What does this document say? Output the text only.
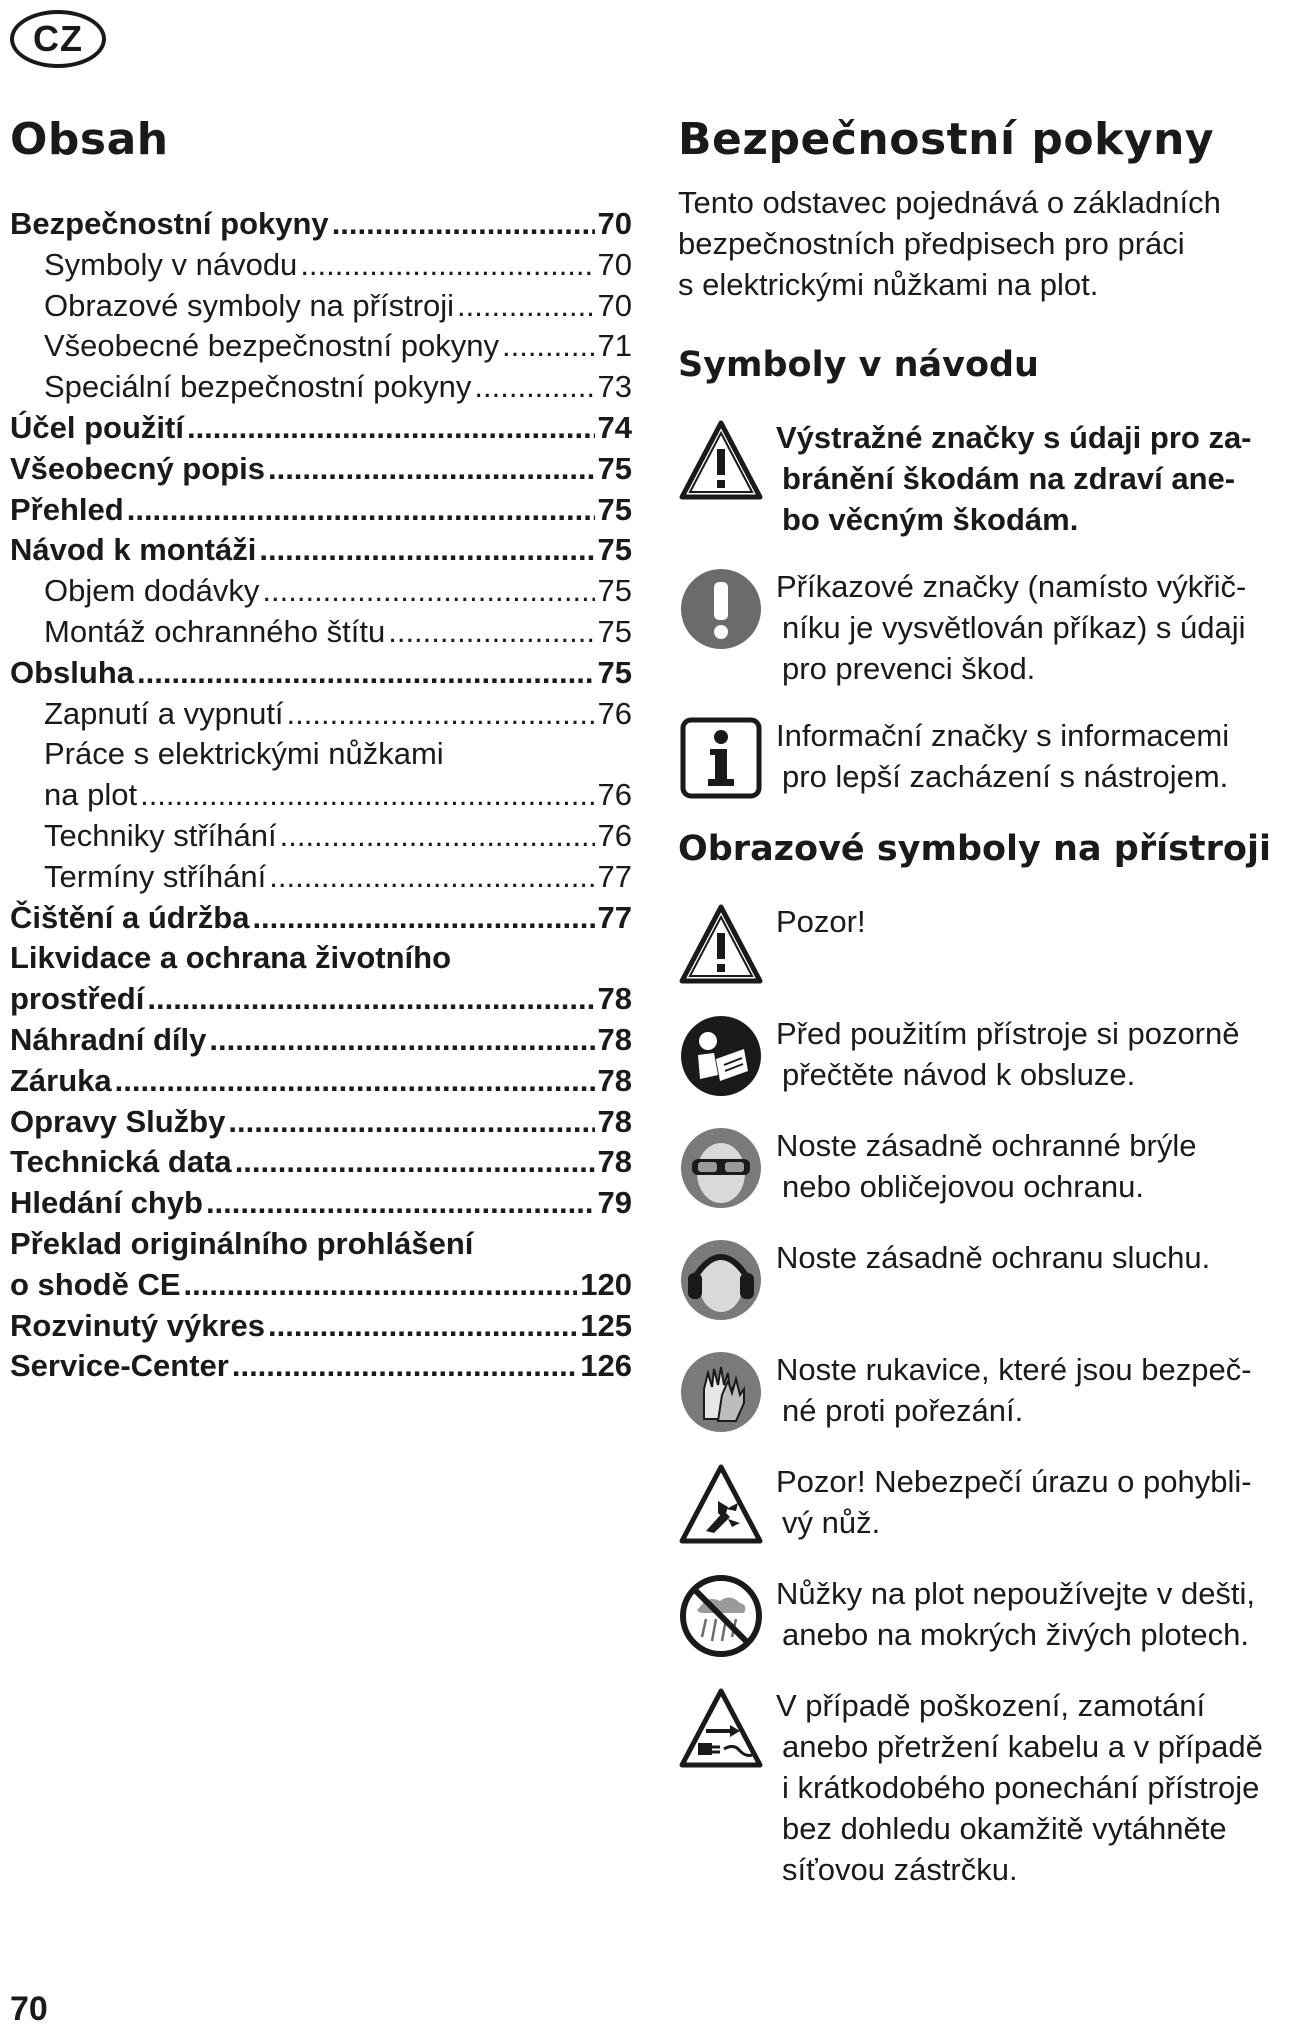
CZ
Obsah
Bezpečnostní pokyny .....	70
Symboly v návodu .....	70
Obrazové symboly na přístroji .....	70
Všeobecné bezpečnostní pokyny .....	71
Speciální bezpečnostní pokyny .....	73
Účel použití .....	74
Všeobecný popis .....	75
Přehled .....	75
Návod k montáži .....	75
Objem dodávky .....	75
Montáž ochranného štítu .....	75
Obsluha .....	75
Zapnutí a vypnutí .....	76
Práce s elektrickými nůžkami
na plot .....	76
Techniky stříhání .....	76
Termíny stříhání .....	77
Čištění a údržba .....	77
Likvidace a ochrana životního
prostředí .....	78
Náhradní díly .....	78
Záruka .....	78
Opravy Služby .....	78
Technická data .....	78
Hledání chyb .....	79
Překlad originálního prohlášení
o shodě CE .....	120
Rozvinutý výkres .....	125
Service-Center .....	126
Bezpečnostní pokyny

Tento odstavec pojednává o základních
bezpečnostních předpisech pro práci
s elektrickými nůžkami na plot.

Symboly v návodu
Výstražné značky s údaji pro za-
bránění škodám na zdraví ane-
bo věcným škodám.
Příkazové značky (namísto výkřič-
níku je vysvětlován příkaz) s údaji
pro prevenci škod.
Informační značky s informacemi
pro lepší zacházení s nástrojem.
Obrazové symboly na přístroji
Pozor!
Před použitím přístroje si pozorně
přečtěte návod k obsluze.
Noste zásadně ochranné brýle
nebo obličejovou ochranu.
Noste zásadně ochranu sluchu.
Noste rukavice, které jsou bezpeč-
né proti pořezání.
Pozor! Nebezpečí úrazu o pohybli-
vý nůž.
Nůžky na plot nepoužívejte v dešti,
anebo na mokrých živých plotech.
V případě poškození, zamotání
anebo přetržení kabelu a v případě
i krátkodobého ponechání přístroje
bez dohledu okamžitě vytáhněte
síťovou zástrčku.
70
